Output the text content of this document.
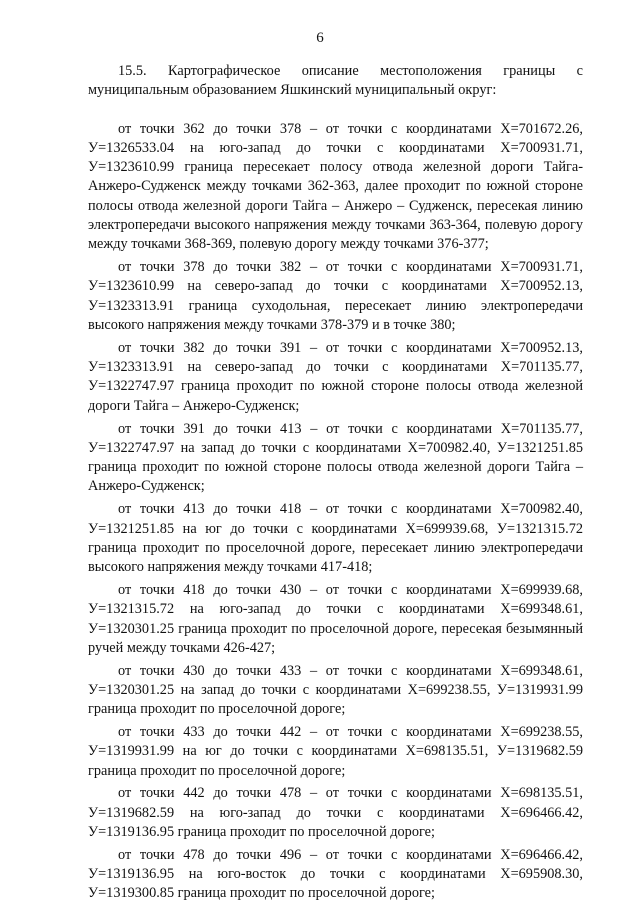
6

15.5. Картографическое описание местоположения границы с муниципальным образованием Яшкинский муниципальный округ:

от точки 362 до точки 378 – от точки с координатами Х=701672.26, У=1326533.04 на юго-запад до точки с координатами Х=700931.71, У=1323610.99 граница пересекает полосу отвода железной дороги Тайга-Анжеро-Судженск между точками 362-363, далее проходит по южной стороне полосы отвода железной дороги Тайга – Анжеро – Судженск, пересекая линию электропередачи высокого напряжения между точками 363-364, полевую дорогу между точками 368-369, полевую дорогу между точками 376-377;

от точки 378 до точки 382 – от точки с координатами Х=700931.71, У=1323610.99 на северо-запад до точки с координатами Х=700952.13, У=1323313.91 граница суходольная, пересекает линию электропередачи высокого напряжения между точками 378-379 и в точке 380;

от точки 382 до точки 391 – от точки с координатами Х=700952.13, У=1323313.91 на северо-запад до точки с координатами Х=701135.77, У=1322747.97 граница проходит по южной стороне полосы отвода железной дороги Тайга – Анжеро-Судженск;

от точки 391 до точки 413 – от точки с координатами Х=701135.77, У=1322747.97 на запад до точки с координатами Х=700982.40, У=1321251.85 граница проходит по южной стороне полосы отвода железной дороги Тайга – Анжеро-Судженск;

от точки 413 до точки 418 – от точки с координатами Х=700982.40, У=1321251.85 на юг до точки с координатами Х=699939.68, У=1321315.72 граница проходит по проселочной дороге, пересекает линию электропередачи высокого напряжения между точками 417-418;

от точки 418 до точки 430 – от точки с координатами Х=699939.68, У=1321315.72 на юго-запад до точки с координатами Х=699348.61, У=1320301.25 граница проходит по проселочной дороге, пересекая безымянный ручей между точками 426-427;

от точки 430 до точки 433 – от точки с координатами Х=699348.61, У=1320301.25 на запад до точки с координатами Х=699238.55, У=1319931.99 граница проходит по проселочной дороге;

от точки 433 до точки 442 – от точки с координатами Х=699238.55, У=1319931.99 на юг до точки с координатами Х=698135.51, У=1319682.59 граница проходит по проселочной дороге;

от точки 442 до точки 478 – от точки с координатами Х=698135.51, У=1319682.59 на юго-запад до точки с координатами Х=696466.42, У=1319136.95 граница проходит по проселочной дороге;

от точки 478 до точки 496 – от точки с координатами Х=696466.42, У=1319136.95 на юго-восток до точки с координатами Х=695908.30, У=1319300.85 граница проходит по проселочной дороге;
